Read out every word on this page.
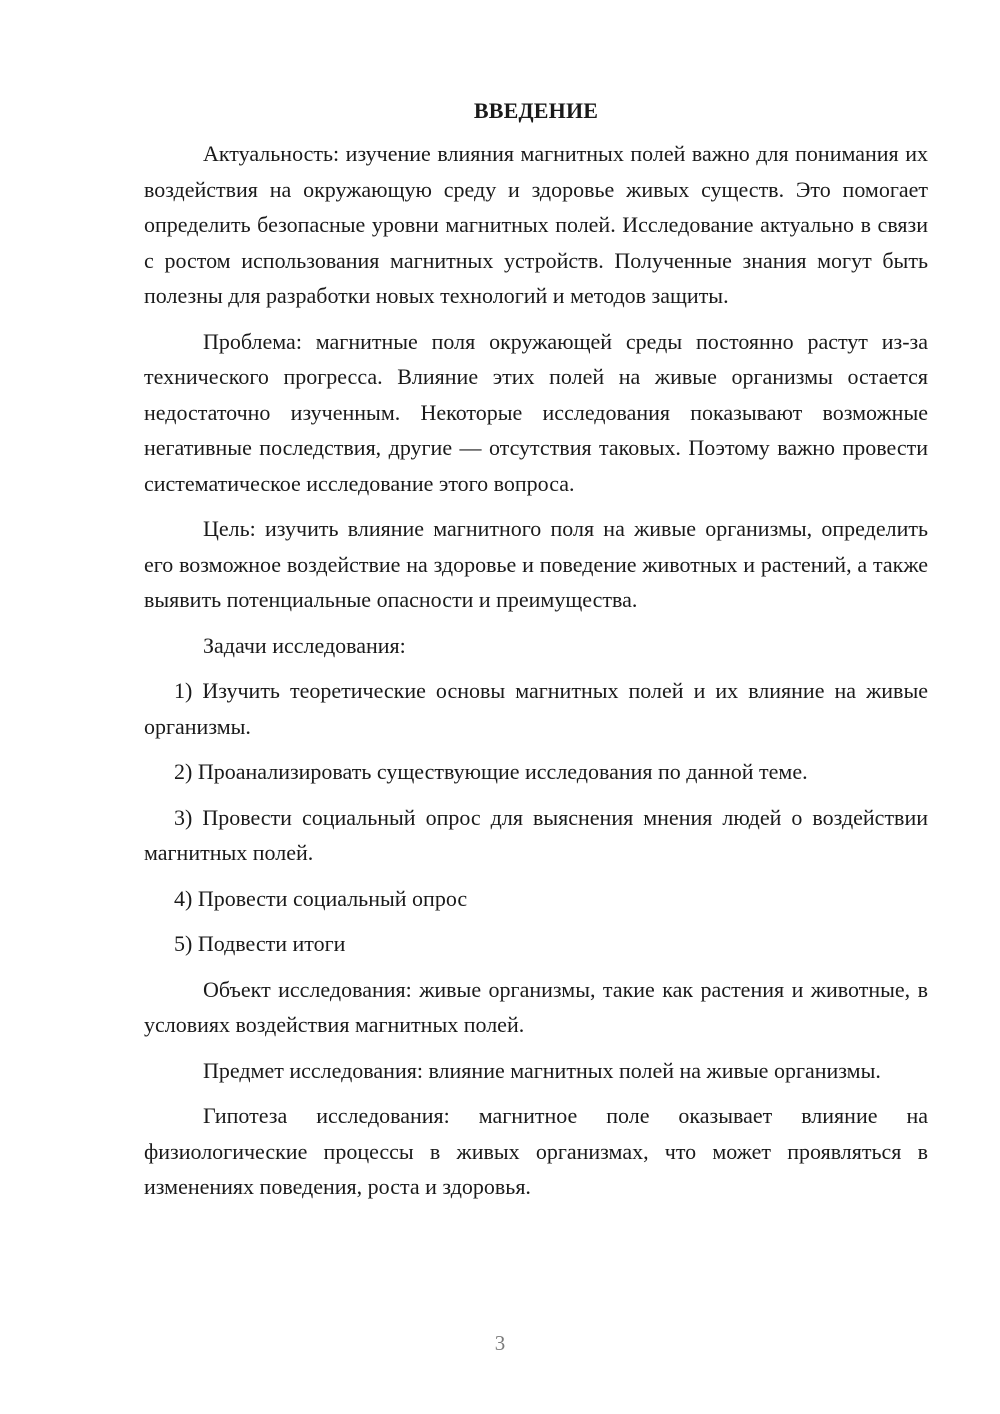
ВВЕДЕНИЕ

Актуальность: изучение влияния магнитных полей важно для понимания их воздействия на окружающую среду и здоровье живых существ. Это помогает определить безопасные уровни магнитных полей. Исследование актуально в связи с ростом использования магнитных устройств. Полученные знания могут быть полезны для разработки новых технологий и методов защиты.

Проблема: магнитные поля окружающей среды постоянно растут из-за технического прогресса. Влияние этих полей на живые организмы остается недостаточно изученным. Некоторые исследования показывают возможные негативные последствия, другие — отсутствия таковых. Поэтому важно провести систематическое исследование этого вопроса.

Цель: изучить влияние магнитного поля на живые организмы, определить его возможное воздействие на здоровье и поведение животных и растений, а также выявить потенциальные опасности и преимущества.

Задачи исследования:

1) Изучить теоретические основы магнитных полей и их влияние на живые организмы.

2) Проанализировать существующие исследования по данной теме.

3) Провести социальный опрос для выяснения мнения людей о воздействии магнитных полей.

4) Провести социальный опрос

5) Подвести итоги

Объект исследования: живые организмы, такие как растения и животные, в условиях воздействия магнитных полей.

Предмет исследования: влияние магнитных полей на живые организмы.

Гипотеза исследования: магнитное поле оказывает влияние на физиологические процессы в живых организмах, что может проявляться в изменениях поведения, роста и здоровья.

3
